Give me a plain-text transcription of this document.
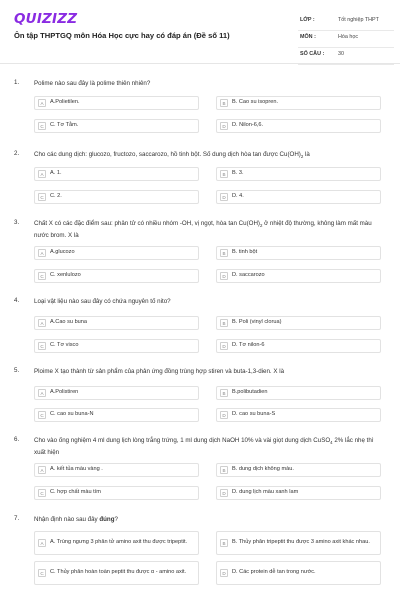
QUIZIZZ
Ôn tập THPTGQ môn Hóa Học cực hay có đáp án (Đề số 11)
LỚP :	Tốt nghiệp THPT
MÔN :	Hóa học
SỐ CÂU :	30
1. Polime nào sau đây là polime thiên nhiên?
A	A.Polietilen.	B	B. Cao su isopren.
C	C. Tơ Tằm.	D	D. Nilon-6,6.
2. Cho các dung dịch: glucozo, fructozo, saccarozo, hồ tinh bột. Số dung dịch hòa tan được $Cu(OH)_2$ là
A	A. 1.	B	B. 3.
C	C. 2.	D	D. 4.
3. Chất X có các đặc điểm sau: phân tử có nhiều nhóm -OH, vị ngọt, hòa $\tan Cu(OH)_2$ ở nhiệt độ thường, không làm mất màu nước brom. X là
A	A.glucozo	B	B. tinh bột
C	C. xenlulozo	D	D. saccarozo
4. Loại vật liệu nào sau đây có chứa nguyên tố nito?
A	A.Cao su buna	B	B. Poli (vinyl clorua)
C	C. Tơ visco	D	D. Tơ nilon-6
5. Ploime X tạo thành từ sản phẩm của phản ứng đồng trùng hợp stiren và buta-1,3-dien. X là
A	A.Polistiren	B	B.polibutadien
C	C. cao su buna-N	D	D. cao su buna-S
6. Cho vào ống nghiệm 4 ml dung lịch lòng trắng trứng, 1 ml dung dịch NaOH 10% và vài giọt dung dịch CuSO$_4$ 2% lắc nhẹ thì xuất hiện
A	A. kết tủa màu vàng .	B	B. dung dịch không màu.
C	C. hợp chất màu tím	D	D. dung lịch màu xanh lam
7. Nhận định nào sau đây đúng?
A	A. Trùng ngưng 3 phân tử amino axit thu được tripeptit.	B	B. Thủy phân tripeptit thu được 3 amino axit khác nhau.
C	C. Thủy phân hoàn toàn peptit thu được α - amino axit.	D	D. Các protein dễ tan trong nước.
